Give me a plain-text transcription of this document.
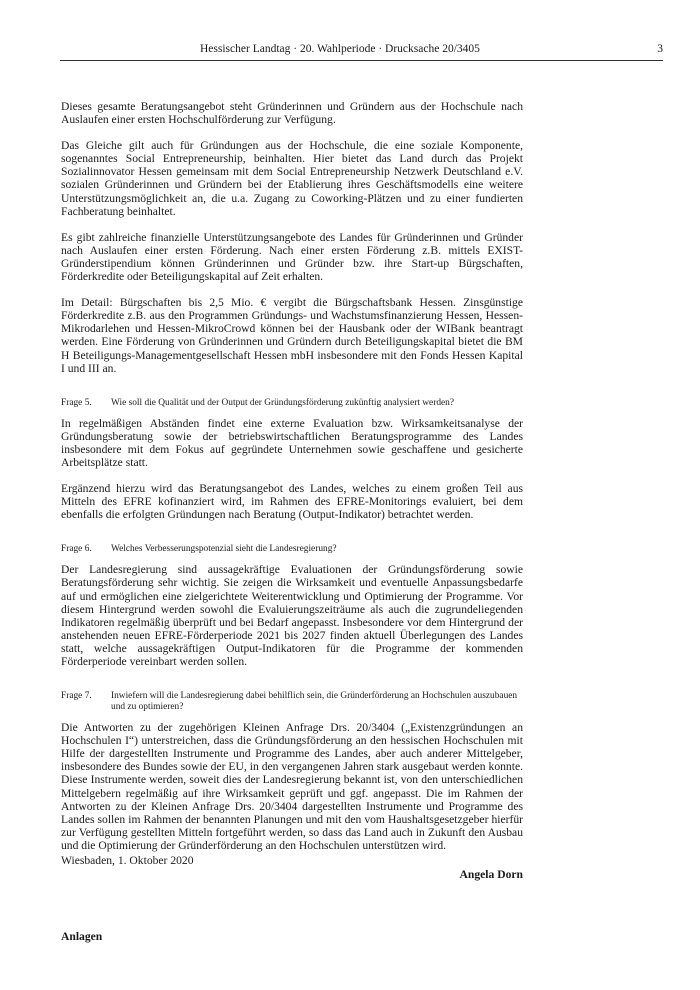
Hessischer Landtag · 20. Wahlperiode · Drucksache 20/3405	3

Dieses gesamte Beratungsangebot steht Gründerinnen und Gründern aus der Hochschule nach Auslaufen einer ersten Hochschulförderung zur Verfügung.

Das Gleiche gilt auch für Gründungen aus der Hochschule, die eine soziale Komponente, sogenanntes Social Entrepreneurship, beinhalten. Hier bietet das Land durch das Projekt Sozialinnovator Hessen gemeinsam mit dem Social Entrepreneurship Netzwerk Deutschland e.V. sozialen Gründerinnen und Gründern bei der Etablierung ihres Geschäftsmodells eine weitere Unterstützungsmöglichkeit an, die u.a. Zugang zu Coworking-Plätzen und zu einer fundierten Fachberatung beinhaltet.

Es gibt zahlreiche finanzielle Unterstützungsangebote des Landes für Gründerinnen und Gründer nach Auslaufen einer ersten Förderung. Nach einer ersten Förderung z.B. mittels EXIST-Gründerstipendium können Gründerinnen und Gründer bzw. ihre Start-up Bürgschaften, Förderkredite oder Beteiligungskapital auf Zeit erhalten.

Im Detail: Bürgschaften bis 2,5 Mio. € vergibt die Bürgschaftsbank Hessen. Zinsgünstige Förderkredite z.B. aus den Programmen Gründungs- und Wachstumsfinanzierung Hessen, Hessen-Mikrodarlehen und Hessen-MikroCrowd können bei der Hausbank oder der WIBank beantragt werden. Eine Förderung von Gründerinnen und Gründern durch Beteiligungskapital bietet die BM H Beteiligungs-Managementgesellschaft Hessen mbH insbesondere mit den Fonds Hessen Kapital I und III an.

Frage 5.	Wie soll die Qualität und der Output der Gründungsförderung zukünftig analysiert werden?

In regelmäßigen Abständen findet eine externe Evaluation bzw. Wirksamkeitsanalyse der Gründungsberatung sowie der betriebswirtschaftlichen Beratungsprogramme des Landes insbesondere mit dem Fokus auf gegründete Unternehmen sowie geschaffene und gesicherte Arbeitsplätze statt.

Ergänzend hierzu wird das Beratungsangebot des Landes, welches zu einem großen Teil aus Mitteln des EFRE kofinanziert wird, im Rahmen des EFRE-Monitorings evaluiert, bei dem ebenfalls die erfolgten Gründungen nach Beratung (Output-Indikator) betrachtet werden.

Frage 6.	Welches Verbesserungspotenzial sieht die Landesregierung?

Der Landesregierung sind aussagekräftige Evaluationen der Gründungsförderung sowie Beratungsförderung sehr wichtig. Sie zeigen die Wirksamkeit und eventuelle Anpassungsbedarfe auf und ermöglichen eine zielgerichtete Weiterentwicklung und Optimierung der Programme. Vor diesem Hintergrund werden sowohl die Evaluierungszeiträume als auch die zugrundeliegenden Indikatoren regelmäßig überprüft und bei Bedarf angepasst. Insbesondere vor dem Hintergrund der anstehenden neuen EFRE-Förderperiode 2021 bis 2027 finden aktuell Überlegungen des Landes statt, welche aussagekräftigen Output-Indikatoren für die Programme der kommenden Förderperiode vereinbart werden sollen.

Frage 7.	Inwiefern will die Landesregierung dabei behilflich sein, die Gründerförderung an Hochschulen auszubauen und zu optimieren?

Die Antworten zu der zugehörigen Kleinen Anfrage Drs. 20/3404 („Existenzgründungen an Hochschulen I“) unterstreichen, dass die Gründungsförderung an den hessischen Hochschulen mit Hilfe der dargestellten Instrumente und Programme des Landes, aber auch anderer Mittelgeber, insbesondere des Bundes sowie der EU, in den vergangenen Jahren stark ausgebaut werden konnte. Diese Instrumente werden, soweit dies der Landesregierung bekannt ist, von den unterschiedlichen Mittelgebern regelmäßig auf ihre Wirksamkeit geprüft und ggf. angepasst. Die im Rahmen der Antworten zu der Kleinen Anfrage Drs. 20/3404 dargestellten Instrumente und Programme des Landes sollen im Rahmen der benannten Planungen und mit den vom Haushaltsgesetzgeber hierfür zur Verfügung gestellten Mitteln fortgeführt werden, so dass das Land auch in Zukunft den Ausbau und die Optimierung der Gründerförderung an den Hochschulen unterstützen wird.

Wiesbaden, 1. Oktober 2020
Angela Dorn
Anlagen
